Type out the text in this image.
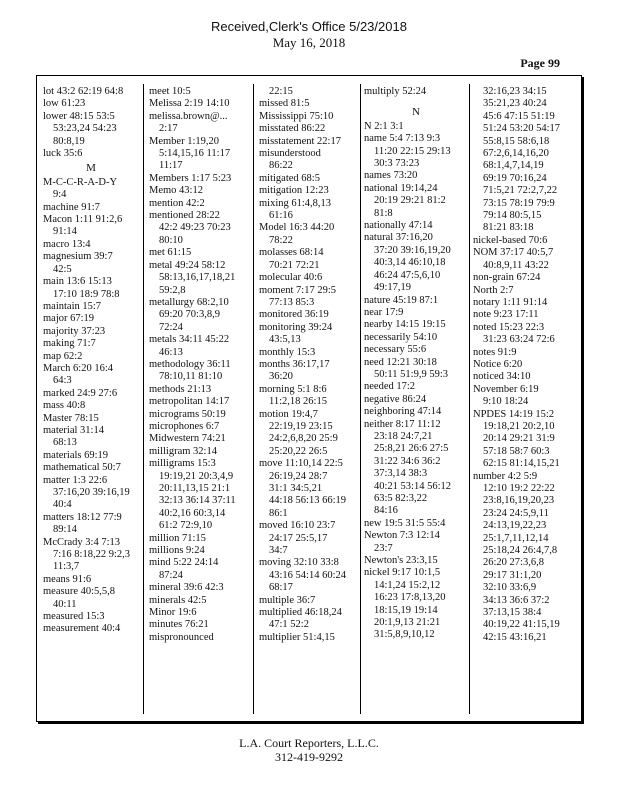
Received,Clerk's Office 5/23/2018
May 16, 2018
Page 99
lot 43:2 62:19 64:8
low 61:23
lower 48:15 53:5
53:23,24 54:23
80:8,19
luck 35:6
M
M-C-C-R-A-D-Y
9:4
machine 91:7
Macon 1:11 91:2,6
91:14
macro 13:4
magnesium 39:7
42:5
main 13:6 15:13
17:10 18:9 78:8
maintain 15:7
major 67:19
majority 37:23
making 71:7
map 62:2
March 6:20 16:4
64:3
marked 24:9 27:6
mass 40:8
Master 78:15
material 31:14
68:13
materials 69:19
mathematical 50:7
matter 1:3 22:6
37:16,20 39:16,19
40:4
matters 18:12 77:9
89:14
McCrady 3:4 7:13
7:16 8:18,22 9:2,3
11:3,7
means 91:6
measure 40:5,5,8
40:11
measured 15:3
measurement 40:4
meet 10:5
Melissa 2:19 14:10
melissa.brown@...
2:17
Member 1:19,20
5:14,15,16 11:17
11:17
Members 1:17 5:23
Memo 43:12
mention 42:2
mentioned 28:22
42:2 49:23 70:23
80:10
met 61:15
metal 49:24 58:12
58:13,16,17,18,21
59:2,8
metallurgy 68:2,10
69:20 70:3,8,9
72:24
metals 34:11 45:22
46:13
methodology 36:11
78:10,11 81:10
methods 21:13
metropolitan 14:17
micrograms 50:19
microphones 6:7
Midwestern 74:21
milligram 32:14
milligrams 15:3
19:19,21 20:3,4,9
20:11,13,15 21:1
32:13 36:14 37:11
40:2,16 60:3,14
61:2 72:9,10
million 71:15
millions 9:24
mind 5:22 24:14
87:24
mineral 39:6 42:3
minerals 42:5
Minor 19:6
minutes 76:21
mispronounced
22:15
missed 81:5
Mississippi 75:10
misstated 86:22
misstatement 22:17
misunderstood
86:22
mitigated 68:5
mitigation 12:23
mixing 61:4,8,13
61:16
Model 16:3 44:20
78:22
molasses 68:14
70:21 72:21
molecular 40:6
moment 7:17 29:5
77:13 85:3
monitored 36:19
monitoring 39:24
43:5,13
monthly 15:3
months 36:17,17
36:20
morning 5:1 8:6
11:2,18 26:15
motion 19:4,7
22:19,19 23:15
24:2,6,8,20 25:9
25:20,22 26:5
move 11:10,14 22:5
26:19,24 28:7
31:1 34:5,21
44:18 56:13 66:19
86:1
moved 16:10 23:7
24:17 25:5,17
34:7
moving 32:10 33:8
43:16 54:14 60:24
68:17
multiple 36:7
multiplied 46:18,24
47:1 52:2
multiplier 51:4,15
multiply 52:24
N
N 2:1 3:1
name 5:4 7:13 9:3
11:20 22:15 29:13
30:3 73:23
names 73:20
national 19:14,24
20:19 29:21 81:2
81:8
nationally 47:14
natural 37:16,20
37:20 39:16,19,20
40:3,14 46:10,18
46:24 47:5,6,10
49:17,19
nature 45:19 87:1
near 17:9
nearby 14:15 19:15
necessarily 54:10
necessary 55:6
need 12:21 30:18
50:11 51:9,9 59:3
needed 17:2
negative 86:24
neighboring 47:14
neither 8:17 11:12
23:18 24:7,21
25:8,21 26:6 27:5
31:22 34:6 36:2
37:3,14 38:3
40:21 53:14 56:12
63:5 82:3,22
84:16
new 19:5 31:5 55:4
Newton 7:3 12:14
23:7
Newton's 23:3,15
nickel 9:17 10:1,5
14:1,24 15:2,12
16:23 17:8,13,20
18:15,19 19:14
20:1,9,13 21:21
31:5,8,9,10,12
32:16,23 34:15
35:21,23 40:24
45:6 47:15 51:19
51:24 53:20 54:17
55:8,15 58:6,18
67:2,6,14,16,20
68:1,4,7,14,19
69:19 70:16,24
71:5,21 72:2,7,22
73:15 78:19 79:9
79:14 80:5,15
81:21 83:18
nickel-based 70:6
NOM 37:17 40:5,7
40:8,9,11 43:22
non-grain 67:24
North 2:7
notary 1:11 91:14
note 9:23 17:11
noted 15:23 22:3
31:23 63:24 72:6
notes 91:9
Notice 6:20
noticed 34:10
November 6:19
9:10 18:24
NPDES 14:19 15:2
19:18,21 20:2,10
20:14 29:21 31:9
57:18 58:7 60:3
62:15 81:14,15,21
number 4:2 5:9
12:10 19:2 22:22
23:8,16,19,20,23
23:24 24:5,9,11
24:13,19,22,23
25:1,7,11,12,14
25:18,24 26:4,7,8
26:20 27:3,6,8
29:17 31:1,20
32:10 33:6,9
34:13 36:6 37:2
37:13,15 38:4
40:19,22 41:15,19
42:15 43:16,21
L.A. Court Reporters, L.L.C.
312-419-9292
